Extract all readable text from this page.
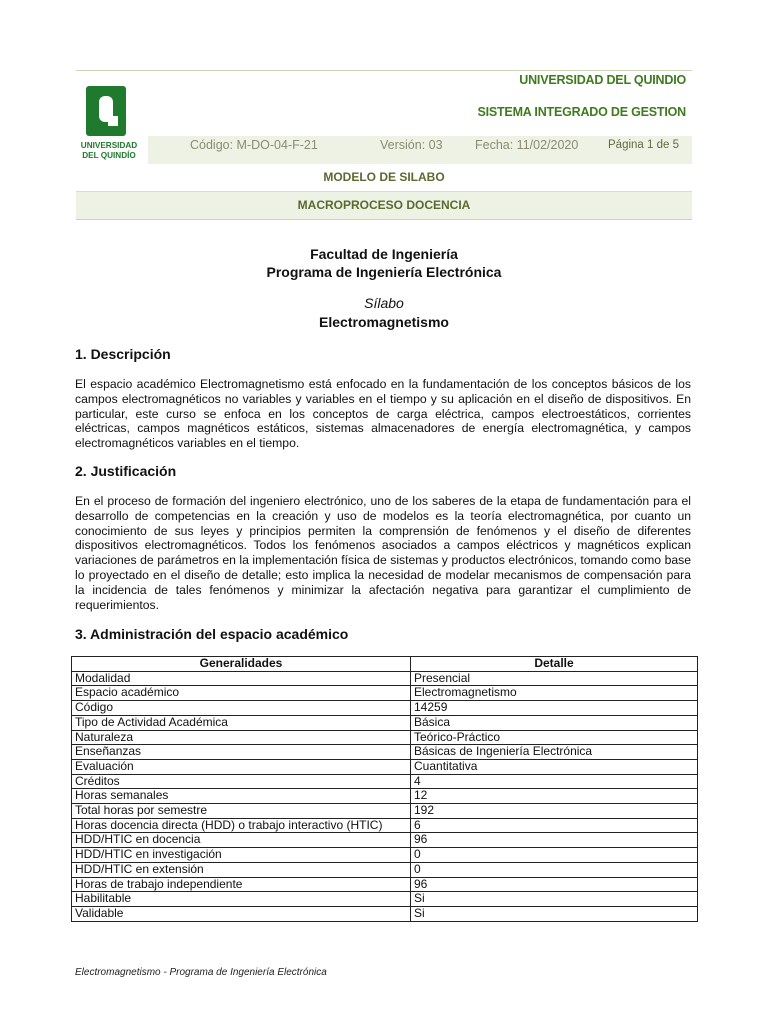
UNIVERSIDAD
DEL QUINDÍO
UNIVERSIDAD DEL QUINDIO
SISTEMA INTEGRADO DE GESTION
Código: M-DO-04-F-21	Versión: 03	Fecha: 11/02/2020	Página 1 de 5
MODELO DE SILABO
MACROPROCESO DOCENCIA
Facultad de Ingeniería
Programa de Ingeniería Electrónica
Sílabo
Electromagnetismo
1. Descripción
El espacio académico Electromagnetismo está enfocado en la fundamentación de los conceptos básicos de los campos electromagnéticos no variables y variables en el tiempo y su aplicación en el diseño de dispositivos. En particular, este curso se enfoca en los conceptos de carga eléctrica, campos electroestáticos, corrientes eléctricas, campos magnéticos estáticos, sistemas almacenadores de energía electromagnética, y campos electromagnéticos variables en el tiempo.
2. Justificación
En el proceso de formación del ingeniero electrónico, uno de los saberes de la etapa de fundamentación para el desarrollo de competencias en la creación y uso de modelos es la teoría electromagnética, por cuanto un conocimiento de sus leyes y principios permiten la comprensión de fenómenos y el diseño de diferentes dispositivos electromagnéticos. Todos los fenómenos asociados a campos eléctricos y magnéticos explican variaciones de parámetros en la implementación física de sistemas y productos electrónicos, tomando como base lo proyectado en el diseño de detalle; esto implica la necesidad de modelar mecanismos de compensación para la incidencia de tales fenómenos y minimizar la afectación negativa para garantizar el cumplimiento de requerimientos.
3. Administración del espacio académico
Generalidades	Detalle
Modalidad	Presencial
Espacio académico	Electromagnetismo
Código	14259
Tipo de Actividad Académica	Básica
Naturaleza	Teórico-Práctico
Enseñanzas	Básicas de Ingeniería Electrónica
Evaluación	Cuantitativa
Créditos	4
Horas semanales	12
Total horas por semestre	192
Horas docencia directa (HDD) o trabajo interactivo (HTIC)	6
HDD/HTIC en docencia	96
HDD/HTIC en investigación	0
HDD/HTIC en extensión	0
Horas de trabajo independiente	96
Habilitable	Si
Validable	Si
Electromagnetismo - Programa de Ingeniería Electrónica
